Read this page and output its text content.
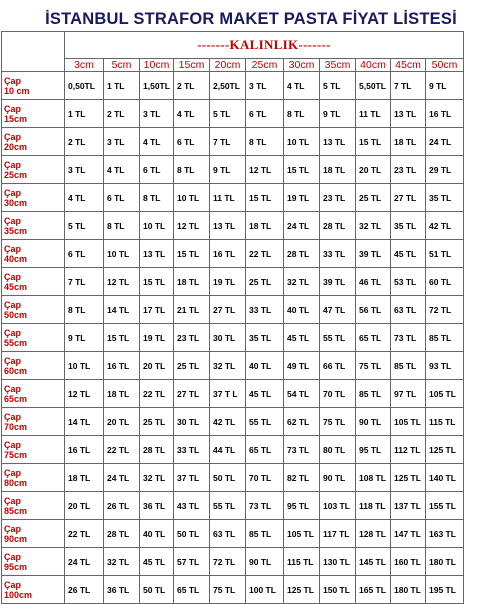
İSTANBUL STRAFOR MAKET PASTA FİYAT LİSTESİ
	-------KALINLIK-------										
	3cm	5cm	10cm	15cm	20cm	25cm	30cm	35cm	40cm	45cm	50cm

Çap
10 cm	0,50TL	1 TL	1,50TL	2 TL	2,50TL	3 TL	4 TL	5 TL	5,50TL	7 TL	9 TL

Çap
15cm	1 TL	2 TL	3 TL	4 TL	5 TL	6 TL	8 TL	9 TL	11 TL	13 TL	16 TL

Çap
20cm	2 TL	3 TL	4 TL	6 TL	7 TL	8 TL	10 TL	13 TL	15 TL	18 TL	24 TL

Çap
25cm	3 TL	4 TL	6 TL	8 TL	9 TL	12 TL	15 TL	18 TL	20 TL	23 TL	29 TL

Çap
30cm	4 TL	6 TL	8 TL	10 TL	11 TL	15 TL	19 TL	23 TL	25 TL	27 TL	35 TL

Çap
35cm	5 TL	8 TL	10 TL	12 TL	13 TL	18 TL	24 TL	28 TL	32 TL	35 TL	42 TL

Çap
40cm	6 TL	10 TL	13 TL	15 TL	16 TL	22 TL	28 TL	33 TL	39 TL	45 TL	51 TL

Çap
45cm	7 TL	12 TL	15 TL	18 TL	19 TL	25 TL	32 TL	39 TL	46 TL	53 TL	60 TL

Çap
50cm	8 TL	14 TL	17 TL	21 TL	27 TL	33 TL	40 TL	47 TL	56 TL	63 TL	72 TL

Çap
55cm	9 TL	15 TL	19 TL	23 TL	30 TL	35 TL	45 TL	55 TL	65 TL	73 TL	85 TL

Çap
60cm	10 TL	16 TL	20 TL	25 TL	32 TL	40 TL	49 TL	66 TL	75 TL	85 TL	93 TL

Çap
65cm	12 TL	18 TL	22 TL	27 TL	37 T L	45 TL	54 TL	70 TL	85 TL	97 TL	105 TL

Çap
70cm	14 TL	20 TL	25 TL	30 TL	42 TL	55 TL	62 TL	75 TL	90 TL	105 TL	115 TL

Çap
75cm	16 TL	22 TL	28 TL	33 TL	44 TL	65 TL	73 TL	80 TL	95 TL	112 TL	125 TL

Çap
80cm	18 TL	24 TL	32 TL	37 TL	50 TL	70 TL	82 TL	90 TL	108 TL	125 TL	140 TL

Çap
85cm	20 TL	26 TL	36 TL	43 TL	55 TL	73 TL	95 TL	103 TL	118 TL	137 TL	155 TL

Çap
90cm	22 TL	28 TL	40 TL	50 TL	63 TL	85 TL	105 TL	117 TL	128 TL	147 TL	163 TL

Çap
95cm	24 TL	32 TL	45 TL	57 TL	72 TL	90 TL	115 TL	130 TL	145 TL	160 TL	180 TL

Çap
100cm	26 TL	36 TL	50 TL	65 TL	75 TL	100 TL	125 TL	150 TL	165 TL	180 TL	195 TL
